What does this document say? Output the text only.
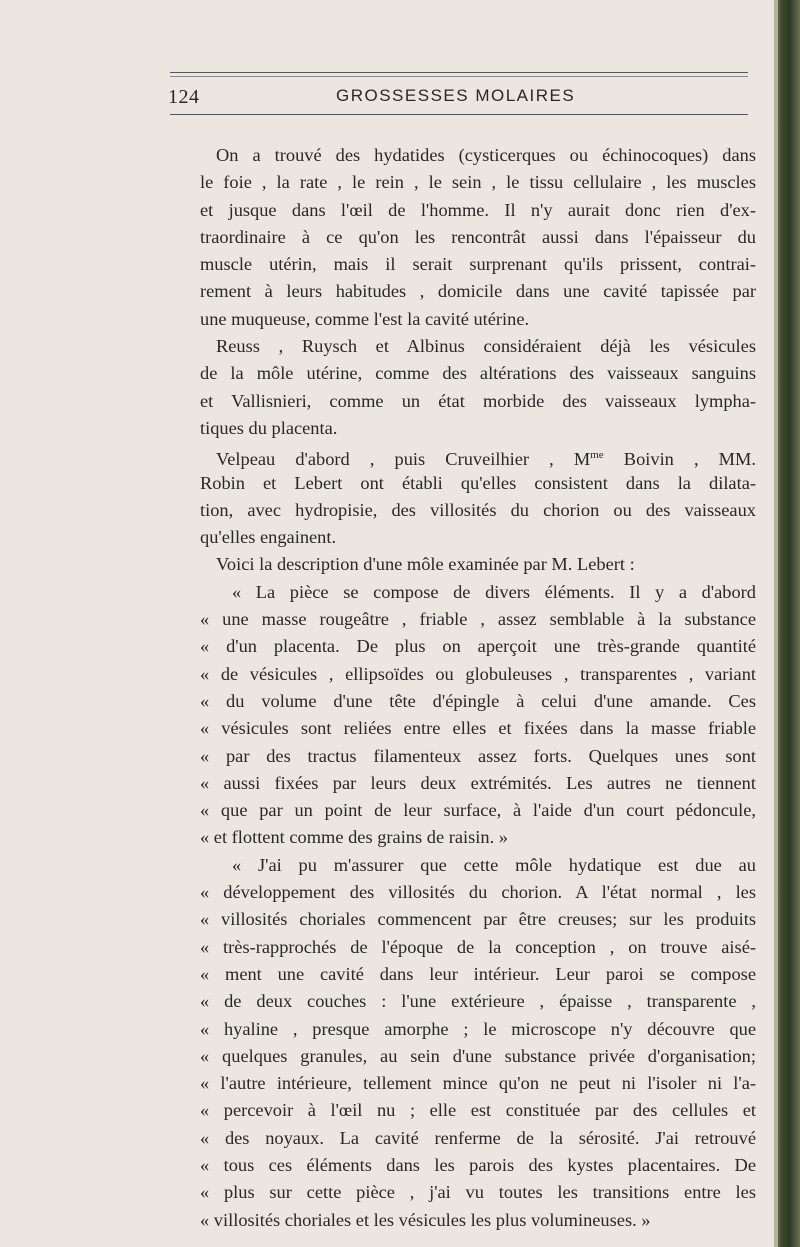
124	GROSSESSES MOLAIRES
On a trouvé des hydatides (cysticerques ou échinocoques) dans
le foie , la rate , le rein , le sein , le tissu cellulaire , les muscles
et jusque dans l'œil de l'homme. Il n'y aurait donc rien d'ex-
traordinaire à ce qu'on les rencontrât aussi dans l'épaisseur du
muscle utérin, mais il serait surprenant qu'ils prissent, contrai-
rement à leurs habitudes , domicile dans une cavité tapissée par
une muqueuse, comme l'est la cavité utérine.
Reuss , Ruysch et Albinus considéraient déjà les vésicules
de la môle utérine, comme des altérations des vaisseaux sanguins
et Vallisnieri, comme un état morbide des vaisseaux lympha-
tiques du placenta.
Velpeau d'abord , puis Cruveilhier , $M^{me}$ Boivin , MM.
Robin et Lebert ont établi qu'elles consistent dans la dilata-
tion, avec hydropisie, des villosités du chorion ou des vaisseaux
qu'elles engainent.
Voici la description d'une môle examinée par M. Lebert :
« La pièce se compose de divers éléments. Il y a d'abord
« une masse rougeâtre , friable , assez semblable à la substance
« d'un placenta. De plus on aperçoit une très-grande quantité
« de vésicules , ellipsoïdes ou globuleuses , transparentes , variant
« du volume d'une tête d'épingle à celui d'une amande. Ces
« vésicules sont reliées entre elles et fixées dans la masse friable
« par des tractus filamenteux assez forts. Quelques unes sont
« aussi fixées par leurs deux extrémités. Les autres ne tiennent
« que par un point de leur surface, à l'aide d'un court pédoncule,
« et flottent comme des grains de raisin. »
« J'ai pu m'assurer que cette môle hydatique est due au
« développement des villosités du chorion. A l'état normal , les
« villosités choriales commencent par être creuses; sur les produits
« très-rapprochés de l'époque de la conception , on trouve aisé-
« ment une cavité dans leur intérieur. Leur paroi se compose
« de deux couches : l'une extérieure , épaisse , transparente ,
« hyaline , presque amorphe ; le microscope n'y découvre que
« quelques granules, au sein d'une substance privée d'organisation;
« l'autre intérieure, tellement mince qu'on ne peut ni l'isoler ni l'a-
« percevoir à l'œil nu ; elle est constituée par des cellules et
« des noyaux. La cavité renferme de la sérosité. J'ai retrouvé
« tous ces éléments dans les parois des kystes placentaires. De
« plus sur cette pièce , j'ai vu toutes les transitions entre les
« villosités choriales et les vésicules les plus volumineuses. »
